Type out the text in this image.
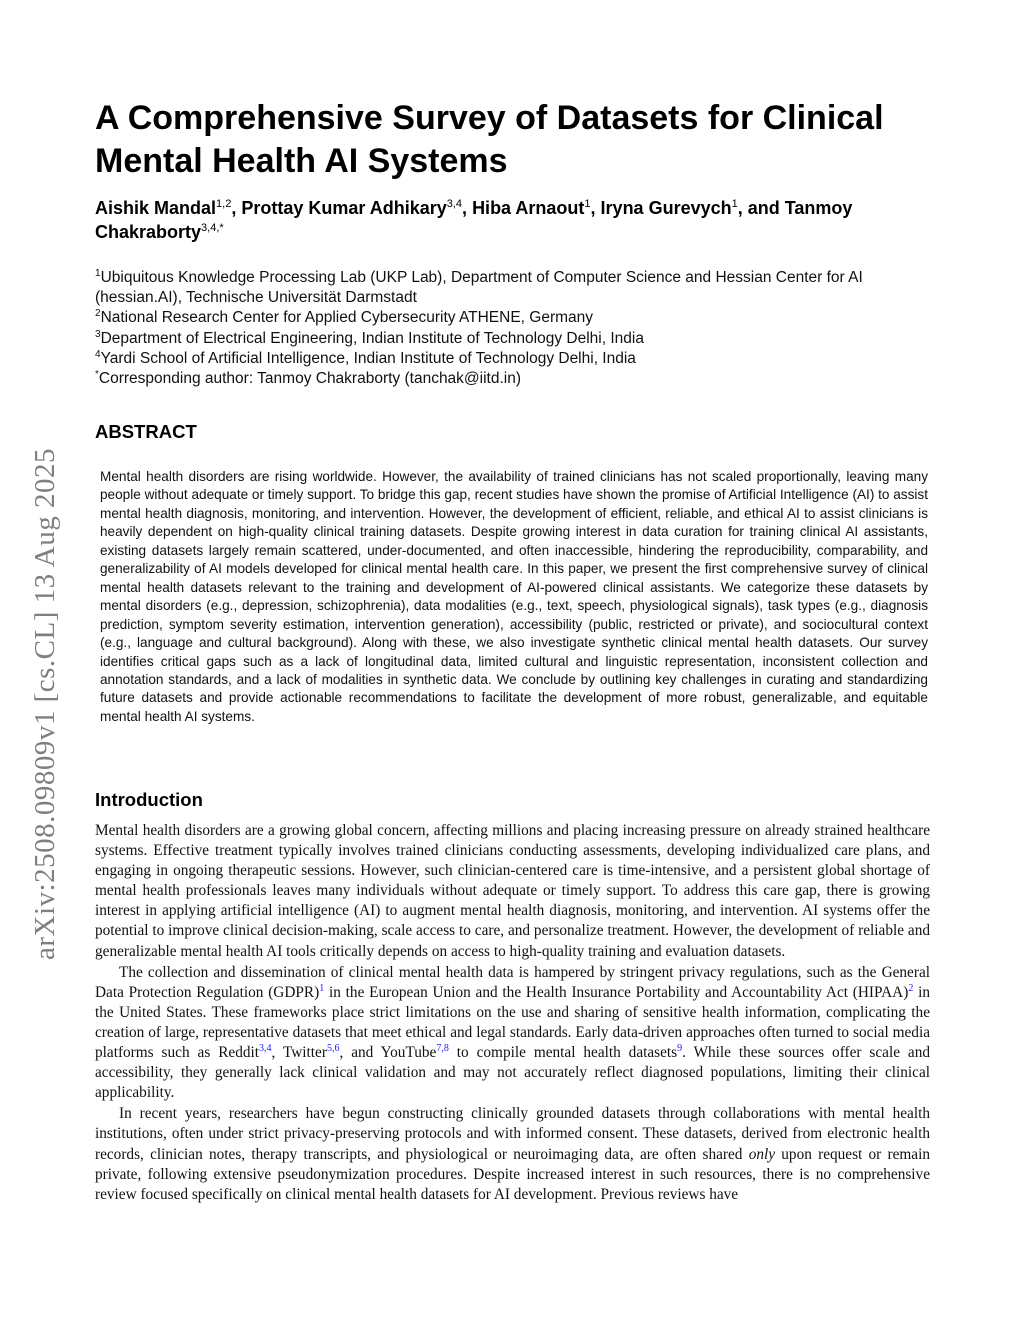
arXiv:2508.09809v1 [cs.CL] 13 Aug 2025
A Comprehensive Survey of Datasets for Clinical Mental Health AI Systems

Aishik Mandal$^{1,2}$, Prottay Kumar Adhikary$^{3,4}$, Hiba Arnaout$^1$, Iryna Gurevych$^1$, and Tanmoy Chakraborty$^{3,4,*}$

$^1$Ubiquitous Knowledge Processing Lab (UKP Lab), Department of Computer Science and Hessian Center for AI (hessian.AI), Technische Universität Darmstadt
$^2$National Research Center for Applied Cybersecurity ATHENE, Germany
$^3$Department of Electrical Engineering, Indian Institute of Technology Delhi, India
$^4$Yardi School of Artificial Intelligence, Indian Institute of Technology Delhi, India
*Corresponding author: Tanmoy Chakraborty (tanchak@iitd.in)
ABSTRACT

Mental health disorders are rising worldwide. However, the availability of trained clinicians has not scaled proportionally, leaving many people without adequate or timely support. To bridge this gap, recent studies have shown the promise of Artificial Intelligence (AI) to assist mental health diagnosis, monitoring, and intervention. However, the development of efficient, reliable, and ethical AI to assist clinicians is heavily dependent on high-quality clinical training datasets. Despite growing interest in data curation for training clinical AI assistants, existing datasets largely remain scattered, under-documented, and often inaccessible, hindering the reproducibility, comparability, and generalizability of AI models developed for clinical mental health care. In this paper, we present the first comprehensive survey of clinical mental health datasets relevant to the training and development of AI-powered clinical assistants. We categorize these datasets by mental disorders (e.g., depression, schizophrenia), data modalities (e.g., text, speech, physiological signals), task types (e.g., diagnosis prediction, symptom severity estimation, intervention generation), accessibility (public, restricted or private), and sociocultural context (e.g., language and cultural background). Along with these, we also investigate synthetic clinical mental health datasets. Our survey identifies critical gaps such as a lack of longitudinal data, limited cultural and linguistic representation, inconsistent collection and annotation standards, and a lack of modalities in synthetic data. We conclude by outlining key challenges in curating and standardizing future datasets and provide actionable recommendations to facilitate the development of more robust, generalizable, and equitable mental health AI systems.

Introduction

Mental health disorders are a growing global concern, affecting millions and placing increasing pressure on already strained healthcare systems. Effective treatment typically involves trained clinicians conducting assessments, developing individualized care plans, and engaging in ongoing therapeutic sessions. However, such clinician-centered care is time-intensive, and a persistent global shortage of mental health professionals leaves many individuals without adequate or timely support. To address this care gap, there is growing interest in applying artificial intelligence (AI) to augment mental health diagnosis, monitoring, and intervention. AI systems offer the potential to improve clinical decision-making, scale access to care, and personalize treatment. However, the development of reliable and generalizable mental health AI tools critically depends on access to high-quality training and evaluation datasets.

The collection and dissemination of clinical mental health data is hampered by stringent privacy regulations, such as the General Data Protection Regulation (GDPR)$^1$ in the European Union and the Health Insurance Portability and Accountability Act (HIPAA)$^2$ in the United States. These frameworks place strict limitations on the use and sharing of sensitive health information, complicating the creation of large, representative datasets that meet ethical and legal standards. Early data-driven approaches often turned to social media platforms such as Reddit$^{3,4}$, Twitter$^{5,6}$, and YouTube$^{7,8}$ to compile mental health datasets$^9$. While these sources offer scale and accessibility, they generally lack clinical validation and may not accurately reflect diagnosed populations, limiting their clinical applicability.

In recent years, researchers have begun constructing clinically grounded datasets through collaborations with mental health institutions, often under strict privacy-preserving protocols and with informed consent. These datasets, derived from electronic health records, clinician notes, therapy transcripts, and physiological or neuroimaging data, are often shared only upon request or remain private, following extensive pseudonymization procedures. Despite increased interest in such resources, there is no comprehensive review focused specifically on clinical mental health datasets for AI development. Previous reviews have
